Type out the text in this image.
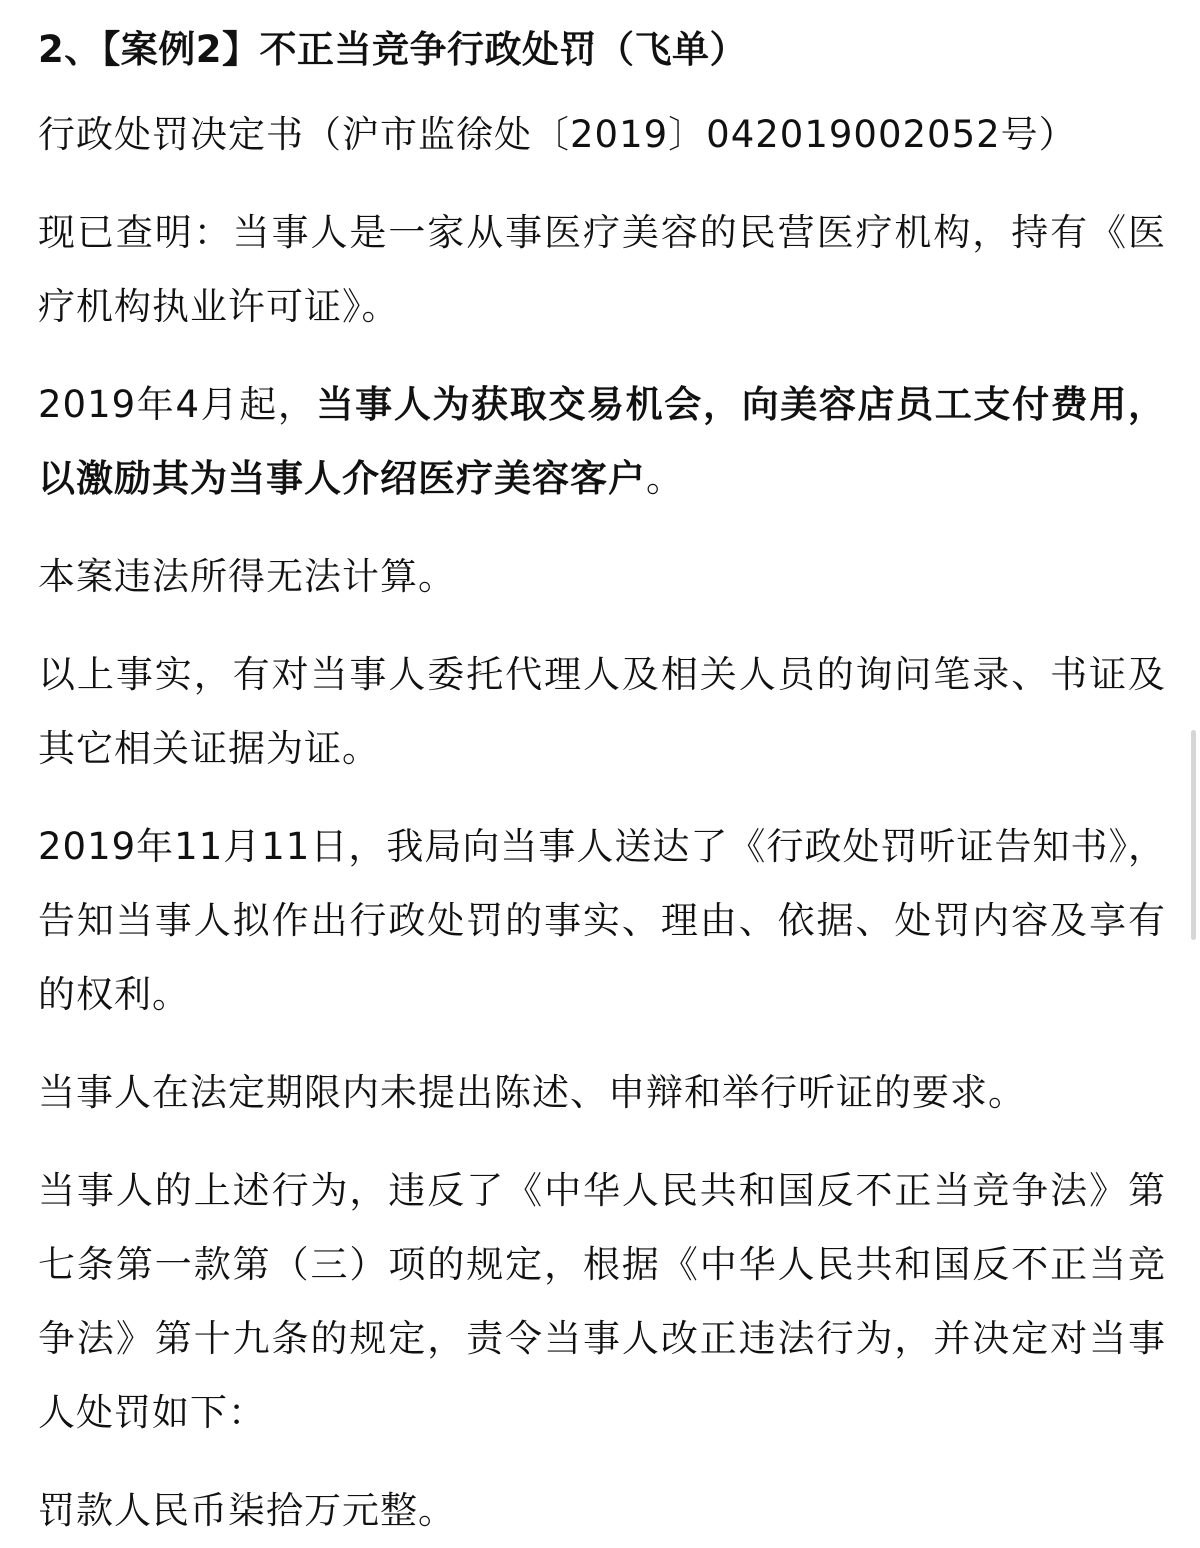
2、【案例2】不正当竞争行政处罚（飞单）

行政处罚决定书（沪市监徐处〔2019〕042019002052号）

现已查明：当事人是一家从事医疗美容的民营医疗机构，持有《医疗机构执业许可证》。

2019年4月起，当事人为获取交易机会，向美容店员工支付费用，以激励其为当事人介绍医疗美容客户。

本案违法所得无法计算。

以上事实，有对当事人委托代理人及相关人员的询问笔录、书证及其它相关证据为证。

2019年11月11日，我局向当事人送达了《行政处罚听证告知书》，告知当事人拟作出行政处罚的事实、理由、依据、处罚内容及享有的权利。

当事人在法定期限内未提出陈述、申辩和举行听证的要求。

当事人的上述行为，违反了《中华人民共和国反不正当竞争法》第七条第一款第（三）项的规定，根据《中华人民共和国反不正当竞争法》第十九条的规定，责令当事人改正违法行为，并决定对当事人处罚如下：

罚款人民币柒拾万元整。
